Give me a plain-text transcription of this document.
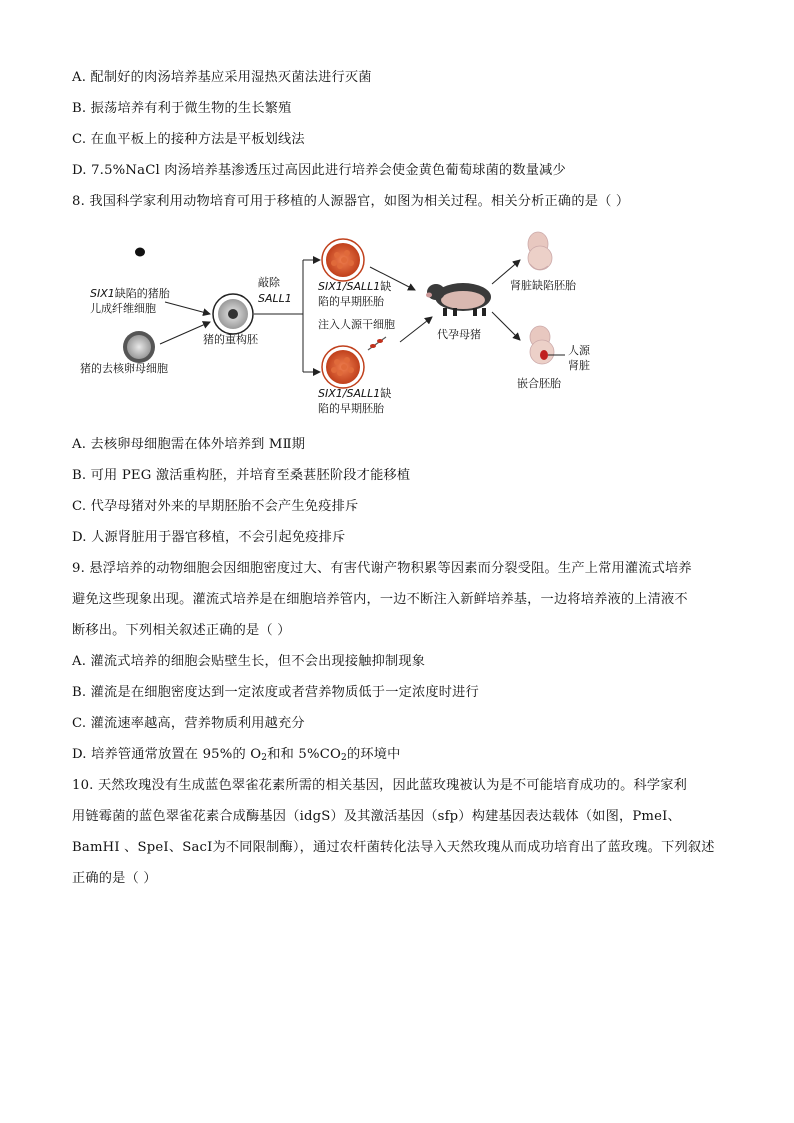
A. 配制好的肉汤培养基应采用湿热灭菌法进行灭菌
B. 振荡培养有利于微生物的生长繁殖
C. 在血平板上的接种方法是平板划线法
D. 7.5%NaCl 肉汤培养基渗透压过高因此进行培养会使金黄色葡萄球菌的数量减少
8. 我国科学家利用动物培育可用于移植的人源器官，如图为相关过程。相关分析正确的是（ ）
SIX1缺陷的猪胎
儿成纤维细胞
猪的去核卵母细胞
猪的重构胚
敲除
SALL1
SIX1/SALL1缺
陷的早期胚胎
注入人源干细胞
SIX1/SALL1缺
陷的早期胚胎
代孕母猪
肾脏缺陷胚胎
人源
肾脏
嵌合胚胎
A. 去核卵母细胞需在体外培养到 MⅡ期
B. 可用 PEG 激活重构胚，并培育至桑葚胚阶段才能移植
C. 代孕母猪对外来的早期胚胎不会产生免疫排斥
D. 人源肾脏用于器官移植，不会引起免疫排斥
9. 悬浮培养的动物细胞会因细胞密度过大、有害代谢产物积累等因素而分裂受阻。生产上常用灌流式培养
避免这些现象出现。灌流式培养是在细胞培养管内，一边不断注入新鲜培养基，一边将培养液的上清液不
断移出。下列相关叙述正确的是（ ）
A. 灌流式培养的细胞会贴壁生长，但不会出现接触抑制现象
B. 灌流是在细胞密度达到一定浓度或者营养物质低于一定浓度时进行
C. 灌流速率越高，营养物质利用越充分
D. 培养管通常放置在 95%的 $O_2$和和 $5\%CO_2$的环境中
10. 天然玫瑰没有生成蓝色翠雀花素所需的相关基因，因此蓝玫瑰被认为是不可能培育成功的。科学家利
用链霉菌的蓝色翠雀花素合成酶基因（idgS）及其激活基因（sfp）构建基因表达载体（如图，PmeI、
BamHI 、SpeI、SacI为不同限制酶），通过农杆菌转化法导入天然玫瑰从而成功培育出了蓝玫瑰。下列叙述
正确的是（ ）
